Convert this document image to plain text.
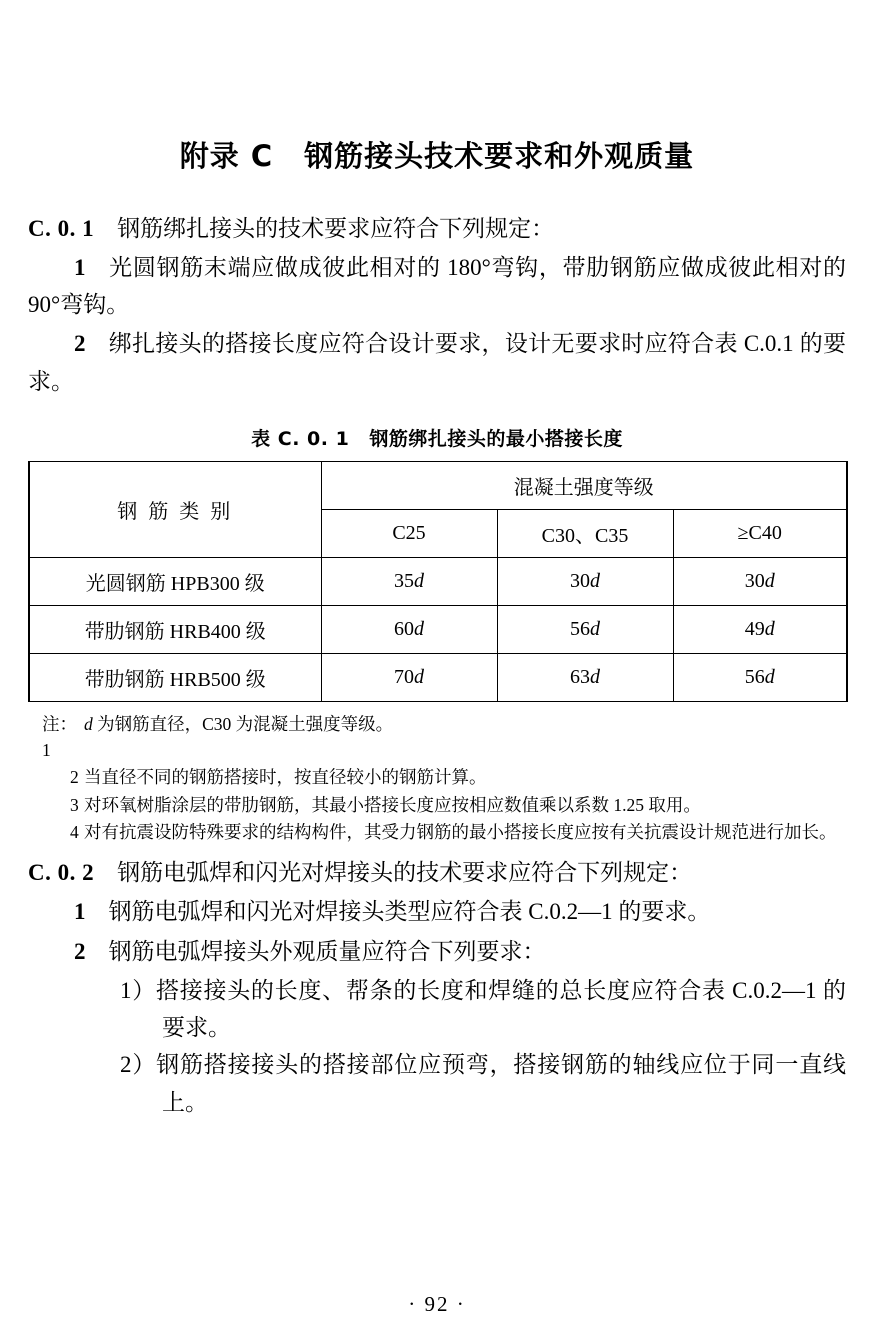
附录 C  钢筋接头技术要求和外观质量

C. 0. 1   钢筋绑扎接头的技术要求应符合下列规定：

1   光圆钢筋末端应做成彼此相对的 180°弯钩，带肋钢筋应做成彼此相对的 90°弯钩。

2   绑扎接头的搭接长度应符合设计要求，设计无要求时应符合表 C.0.1 的要求。

表 C. 0. 1  钢筋绑扎接头的最小搭接长度
钢 筋 类 别	混凝土强度等级		
	C25	C30、C35	≥C40
光圆钢筋 HPB300 级	35d	30d	30d
带肋钢筋 HRB400 级	60d	56d	49d
带肋钢筋 HRB500 级	70d	63d	56d
注：1
d 为钢筋直径，C30 为混凝土强度等级。
2 当直径不同的钢筋搭接时，按直径较小的钢筋计算。
3 对环氧树脂涂层的带肋钢筋，其最小搭接长度应按相应数值乘以系数 1.25 取用。
4 对有抗震设防特殊要求的结构构件，其受力钢筋的最小搭接长度应按有关抗震设计规范进行加长。

C. 0. 2   钢筋电弧焊和闪光对焊接头的技术要求应符合下列规定：

1   钢筋电弧焊和闪光对焊接头类型应符合表 C.0.2—1 的要求。

2   钢筋电弧焊接头外观质量应符合下列要求：

1）搭接接头的长度、帮条的长度和焊缝的总长度应符合表 C.0.2—1 的要求。

2）钢筋搭接接头的搭接部位应预弯，搭接钢筋的轴线应位于同一直线上。

· 92 ·
